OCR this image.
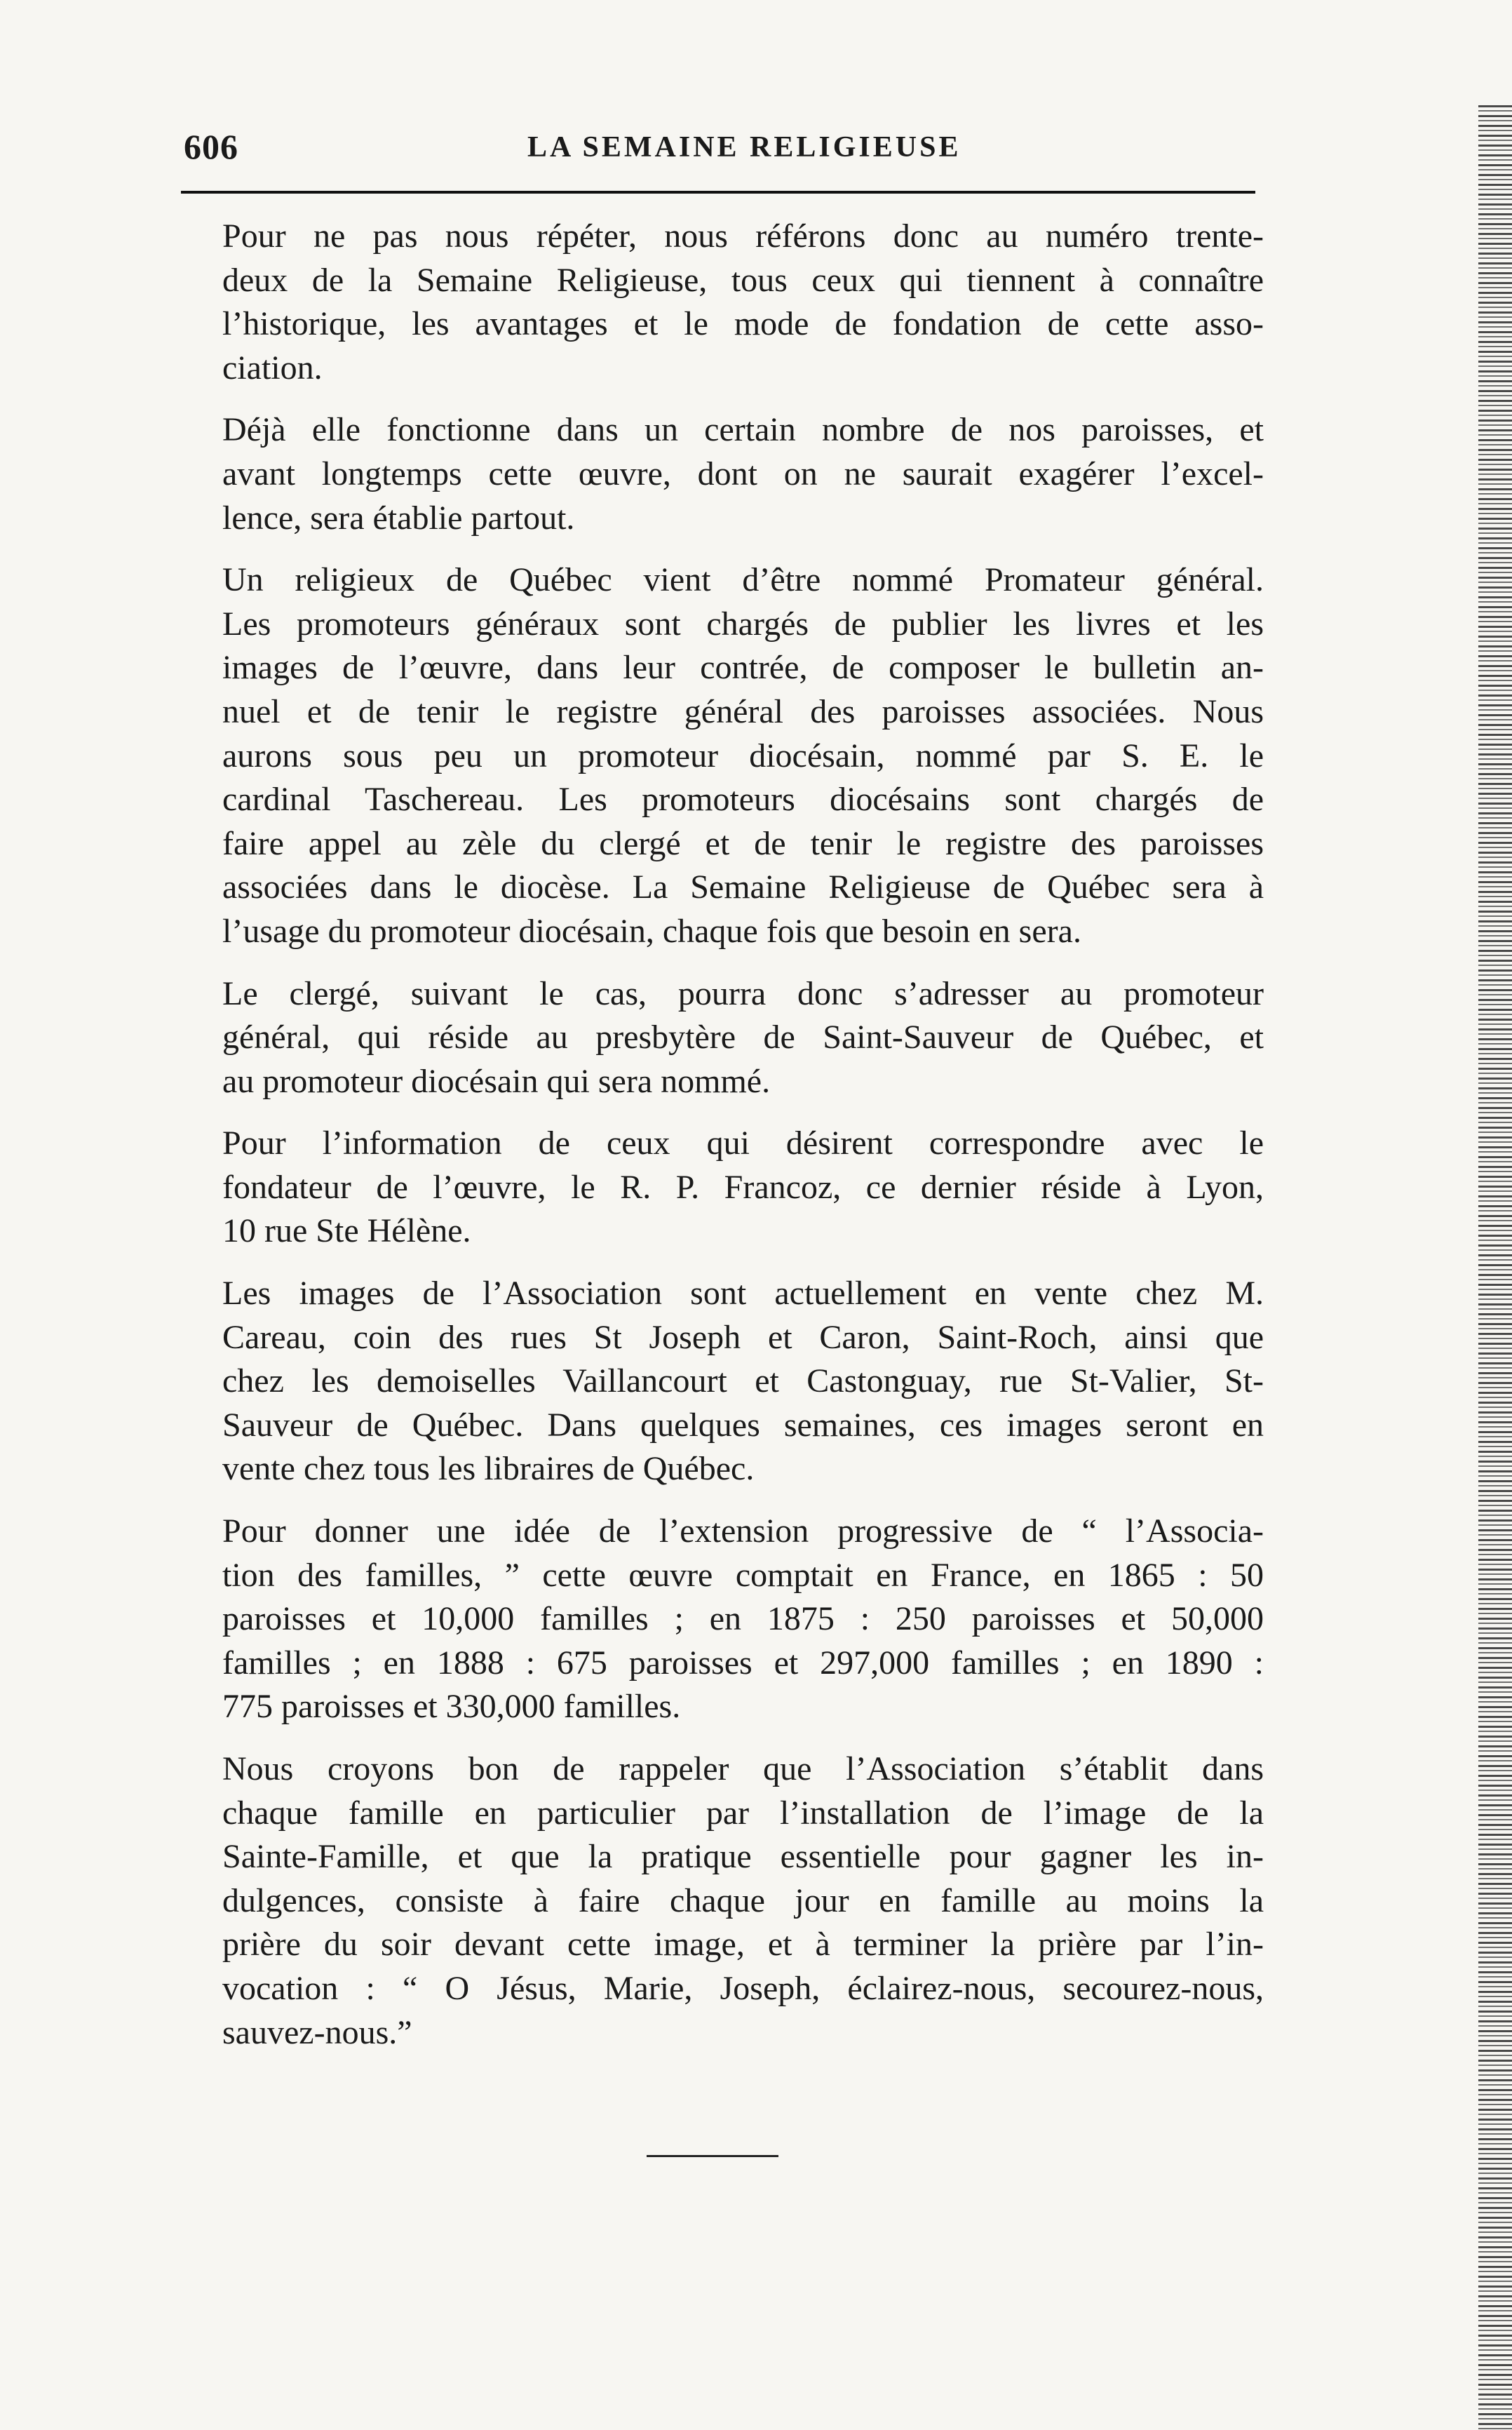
606	LA SEMAINE RELIGIEUSE

Pour ne pas nous répéter, nous référons donc au numéro trente-
deux de la Semaine Religieuse, tous ceux qui tiennent à connaître
l’historique, les avantages et le mode de fondation de cette asso-
ciation.

Déjà elle fonctionne dans un certain nombre de nos paroisses, et
avant longtemps cette œuvre, dont on ne saurait exagérer l’excel-
lence, sera établie partout.

Un religieux de Québec vient d’être nommé Promateur général.
Les promoteurs généraux sont chargés de publier les livres et les
images de l’œuvre, dans leur contrée, de composer le bulletin an-
nuel et de tenir le registre général des paroisses associées. Nous
aurons sous peu un promoteur diocésain, nommé par S. E. le
cardinal Taschereau. Les promoteurs diocésains sont chargés de
faire appel au zèle du clergé et de tenir le registre des paroisses
associées dans le diocèse. La Semaine Religieuse de Québec sera à
l’usage du promoteur diocésain, chaque fois que besoin en sera.

Le clergé, suivant le cas, pourra donc s’adresser au promoteur
général, qui réside au presbytère de Saint-Sauveur de Québec, et
au promoteur diocésain qui sera nommé.

Pour l’information de ceux qui désirent correspondre avec le
fondateur de l’œuvre, le R. P. Francoz, ce dernier réside à Lyon,
10 rue Ste Hélène.

Les images de l’Association sont actuellement en vente chez M.
Careau, coin des rues St Joseph et Caron, Saint-Roch, ainsi que
chez les demoiselles Vaillancourt et Castonguay, rue St-Valier, St-
Sauveur de Québec. Dans quelques semaines, ces images seront en
vente chez tous les libraires de Québec.

Pour donner une idée de l’extension progressive de “ l’Associa-
tion des familles, ” cette œuvre comptait en France, en 1865 : 50
paroisses et 10,000 familles ; en 1875 : 250 paroisses et 50,000
familles ; en 1888 : 675 paroisses et 297,000 familles ; en 1890 :
775 paroisses et 330,000 familles.

Nous croyons bon de rappeler que l’Association s’établit dans
chaque famille en particulier par l’installation de l’image de la
Sainte-Famille, et que la pratique essentielle pour gagner les in-
dulgences, consiste à faire chaque jour en famille au moins la
prière du soir devant cette image, et à terminer la prière par l’in-
vocation : “ O Jésus, Marie, Joseph, éclairez-nous, secourez-nous,
sauvez-nous.”
